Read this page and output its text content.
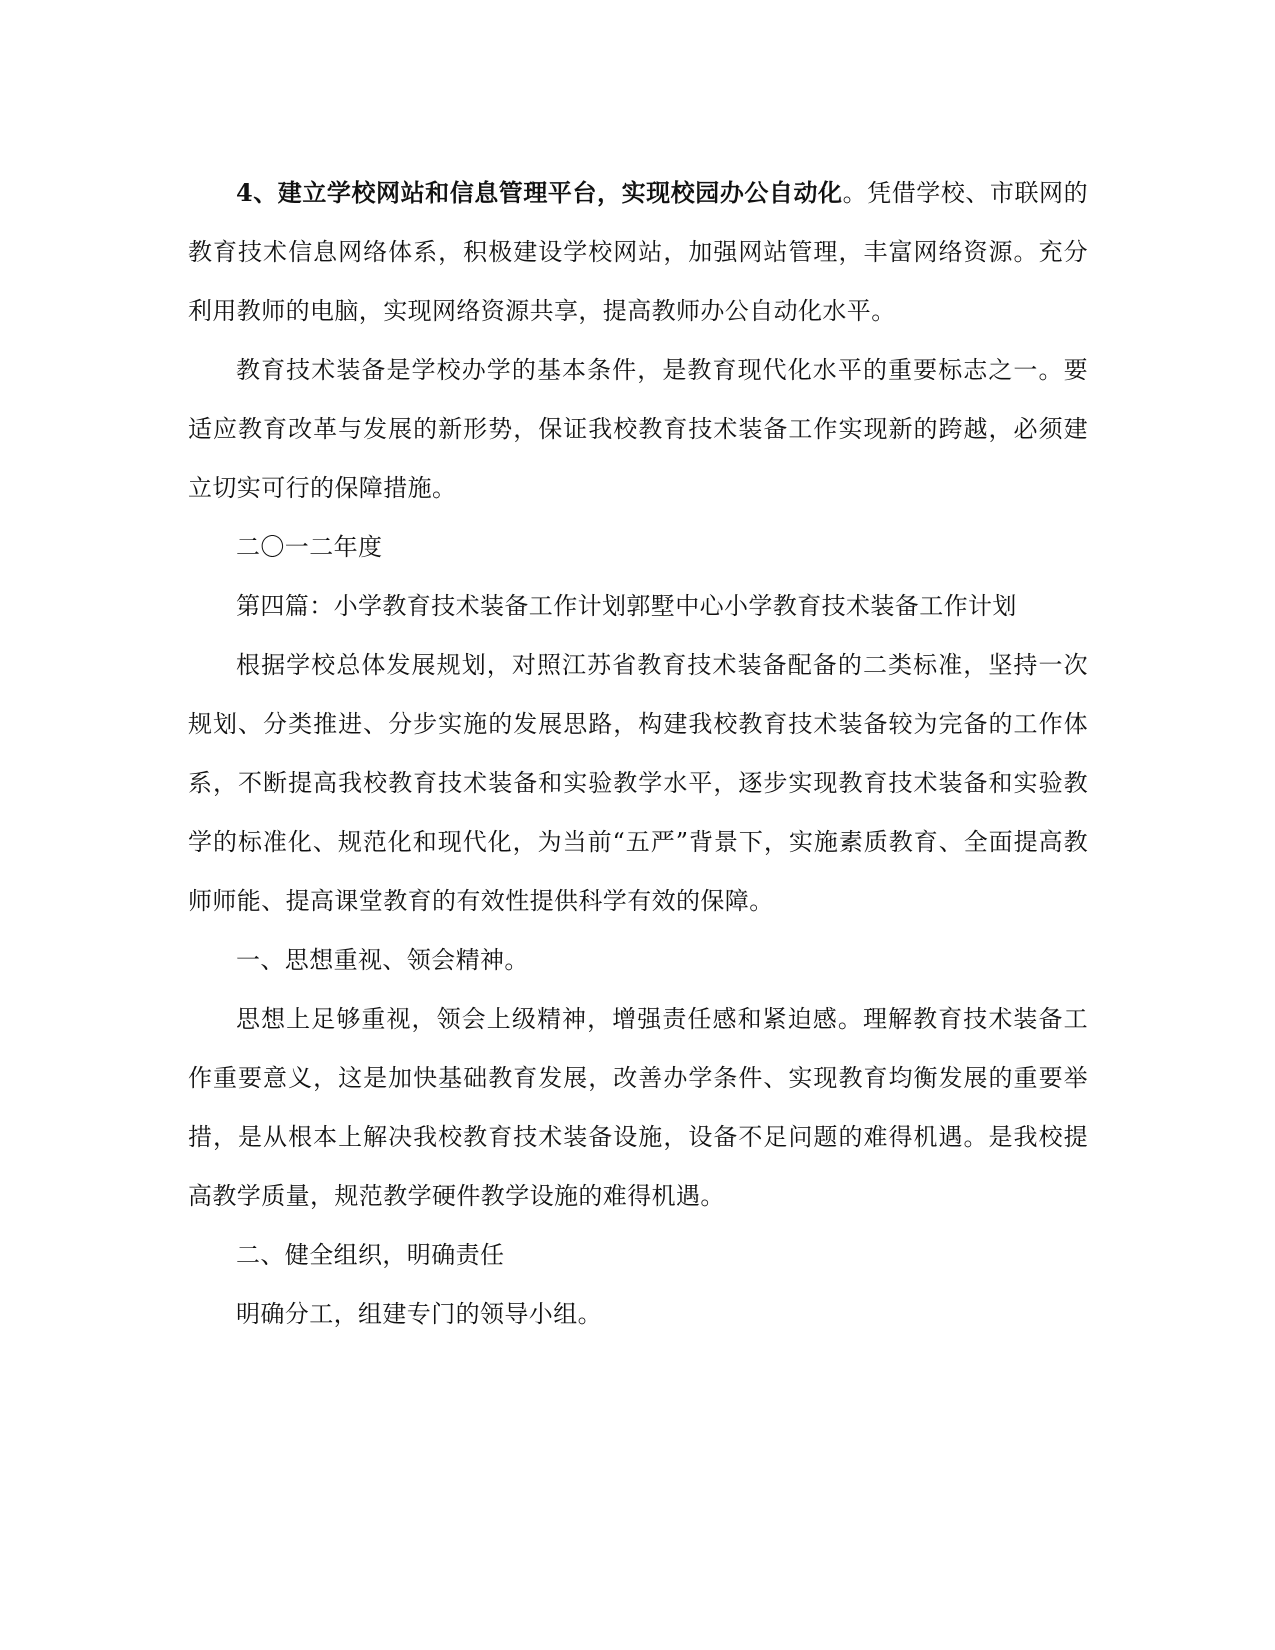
4、建立学校网站和信息管理平台，实现校园办公自动化。凭借学校、市联网的教育技术信息网络体系，积极建设学校网站，加强网站管理，丰富网络资源。充分利用教师的电脑，实现网络资源共享，提高教师办公自动化水平。

教育技术装备是学校办学的基本条件，是教育现代化水平的重要标志之一。要适应教育改革与发展的新形势，保证我校教育技术装备工作实现新的跨越，必须建立切实可行的保障措施。

二〇一二年度

第四篇：小学教育技术装备工作计划郭墅中心小学教育技术装备工作计划

根据学校总体发展规划，对照江苏省教育技术装备配备的二类标准，坚持一次规划、分类推进、分步实施的发展思路，构建我校教育技术装备较为完备的工作体系，不断提高我校教育技术装备和实验教学水平，逐步实现教育技术装备和实验教学的标准化、规范化和现代化，为当前“五严”背景下，实施素质教育、全面提高教师师能、提高课堂教育的有效性提供科学有效的保障。

一、思想重视、领会精神。

思想上足够重视，领会上级精神，增强责任感和紧迫感。理解教育技术装备工作重要意义，这是加快基础教育发展，改善办学条件、实现教育均衡发展的重要举措，是从根本上解决我校教育技术装备设施，设备不足问题的难得机遇。是我校提高教学质量，规范教学硬件教学设施的难得机遇。

二、健全组织，明确责任

明确分工，组建专门的领导小组。
